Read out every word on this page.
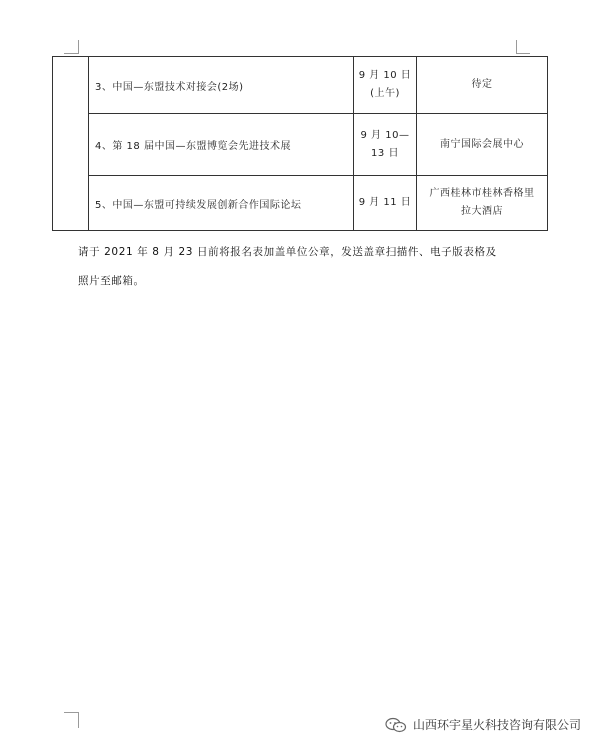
	3、中国—东盟技术对接会(2场)	9 月 10 日
(上午)	待定

	4、第 18 届中国—东盟博览会先进技术展	9 月 10—
13 日	南宁国际会展中心

	5、中国—东盟可持续发展创新合作国际论坛	9 月 11 日	广西桂林市桂林香格里
拉大酒店
请于 2021 年 8 月 23 日前将报名表加盖单位公章，发送盖章扫描件、电子版表格及
照片至邮箱。
山西环宇星火科技咨询有限公司
